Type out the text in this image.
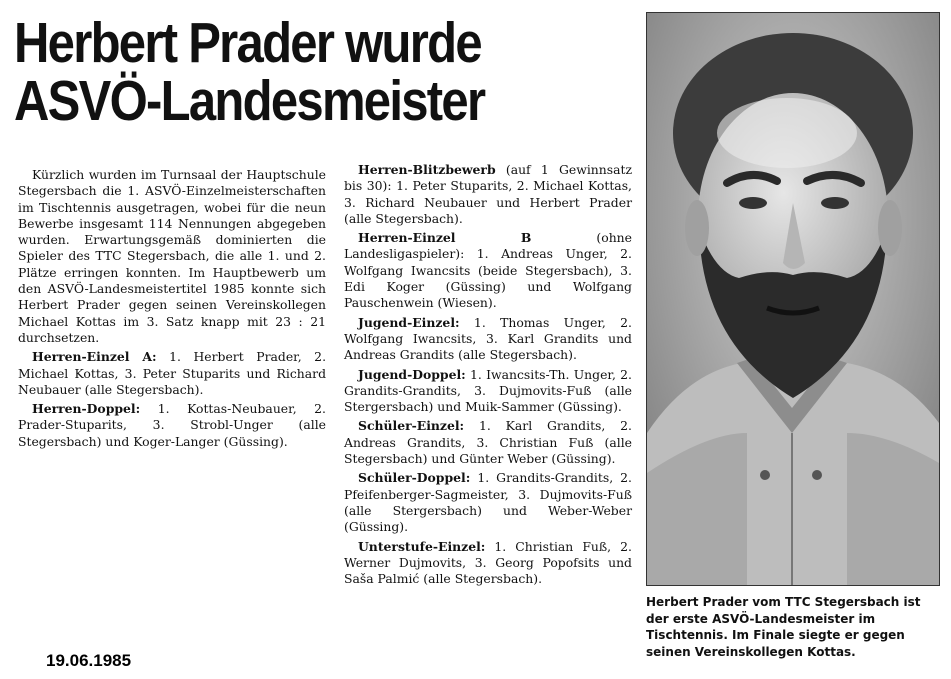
Herbert Prader wurde
ASVÖ-Landesmeister

Kürzlich wurden im Turnsaal der Hauptschule Stegersbach die 1. ASVÖ-Einzelmeisterschaften im Tischtennis ausgetragen, wobei für die neun Bewerbe insgesamt 114 Nennungen abgegeben wurden. Erwartungsgemäß dominierten die Spieler des TTC Stegersbach, die alle 1. und 2. Plätze erringen konnten. Im Hauptbewerb um den ASVÖ-Landesmeistertitel 1985 konnte sich Herbert Prader gegen seinen Vereinskollegen Michael Kottas im 3. Satz knapp mit 23 : 21 durchsetzen.

Herren-Einzel A: 1. Herbert Prader, 2. Michael Kottas, 3. Peter Stuparits und Richard Neubauer (alle Stegersbach).

Herren-Doppel: 1. Kottas-Neubauer, 2. Prader-Stuparits, 3. Strobl-Unger (alle Stegersbach) und Koger-Langer (Güssing).

Herren-Blitzbewerb (auf 1 Gewinnsatz bis 30): 1. Peter Stuparits, 2. Michael Kottas, 3. Richard Neubauer und Herbert Prader (alle Stegersbach).

Herren-Einzel B (ohne Landesligaspieler): 1. Andreas Unger, 2. Wolfgang Iwancsits (beide Stegersbach), 3. Edi Koger (Güssing) und Wolfgang Pauschenwein (Wiesen).

Jugend-Einzel: 1. Thomas Unger, 2. Wolfgang Iwancsits, 3. Karl Grandits und Andreas Grandits (alle Stegersbach).

Jugend-Doppel: 1. Iwancsits-Th. Unger, 2. Grandits-Grandits, 3. Dujmovits-Fuß (alle Stergersbach) und Muik-Sammer (Güssing).

Schüler-Einzel: 1. Karl Grandits, 2. Andreas Grandits, 3. Christian Fuß (alle Stegersbach) und Günter Weber (Güssing).

Schüler-Doppel: 1. Grandits-Grandits, 2. Pfeifenberger-Sagmeister, 3. Dujmovits-Fuß (alle Stergersbach) und Weber-Weber (Güssing).

Unterstufe-Einzel: 1. Christian Fuß, 2. Werner Dujmovits, 3. Georg Popofsits und Saša Palmić (alle Stegersbach).

Herbert Prader vom TTC Stegersbach ist der erste ASVÖ-Landesmeister im Tischtennis. Im Finale siegte er gegen seinen Vereinskollegen Kottas.
19.06.1985
